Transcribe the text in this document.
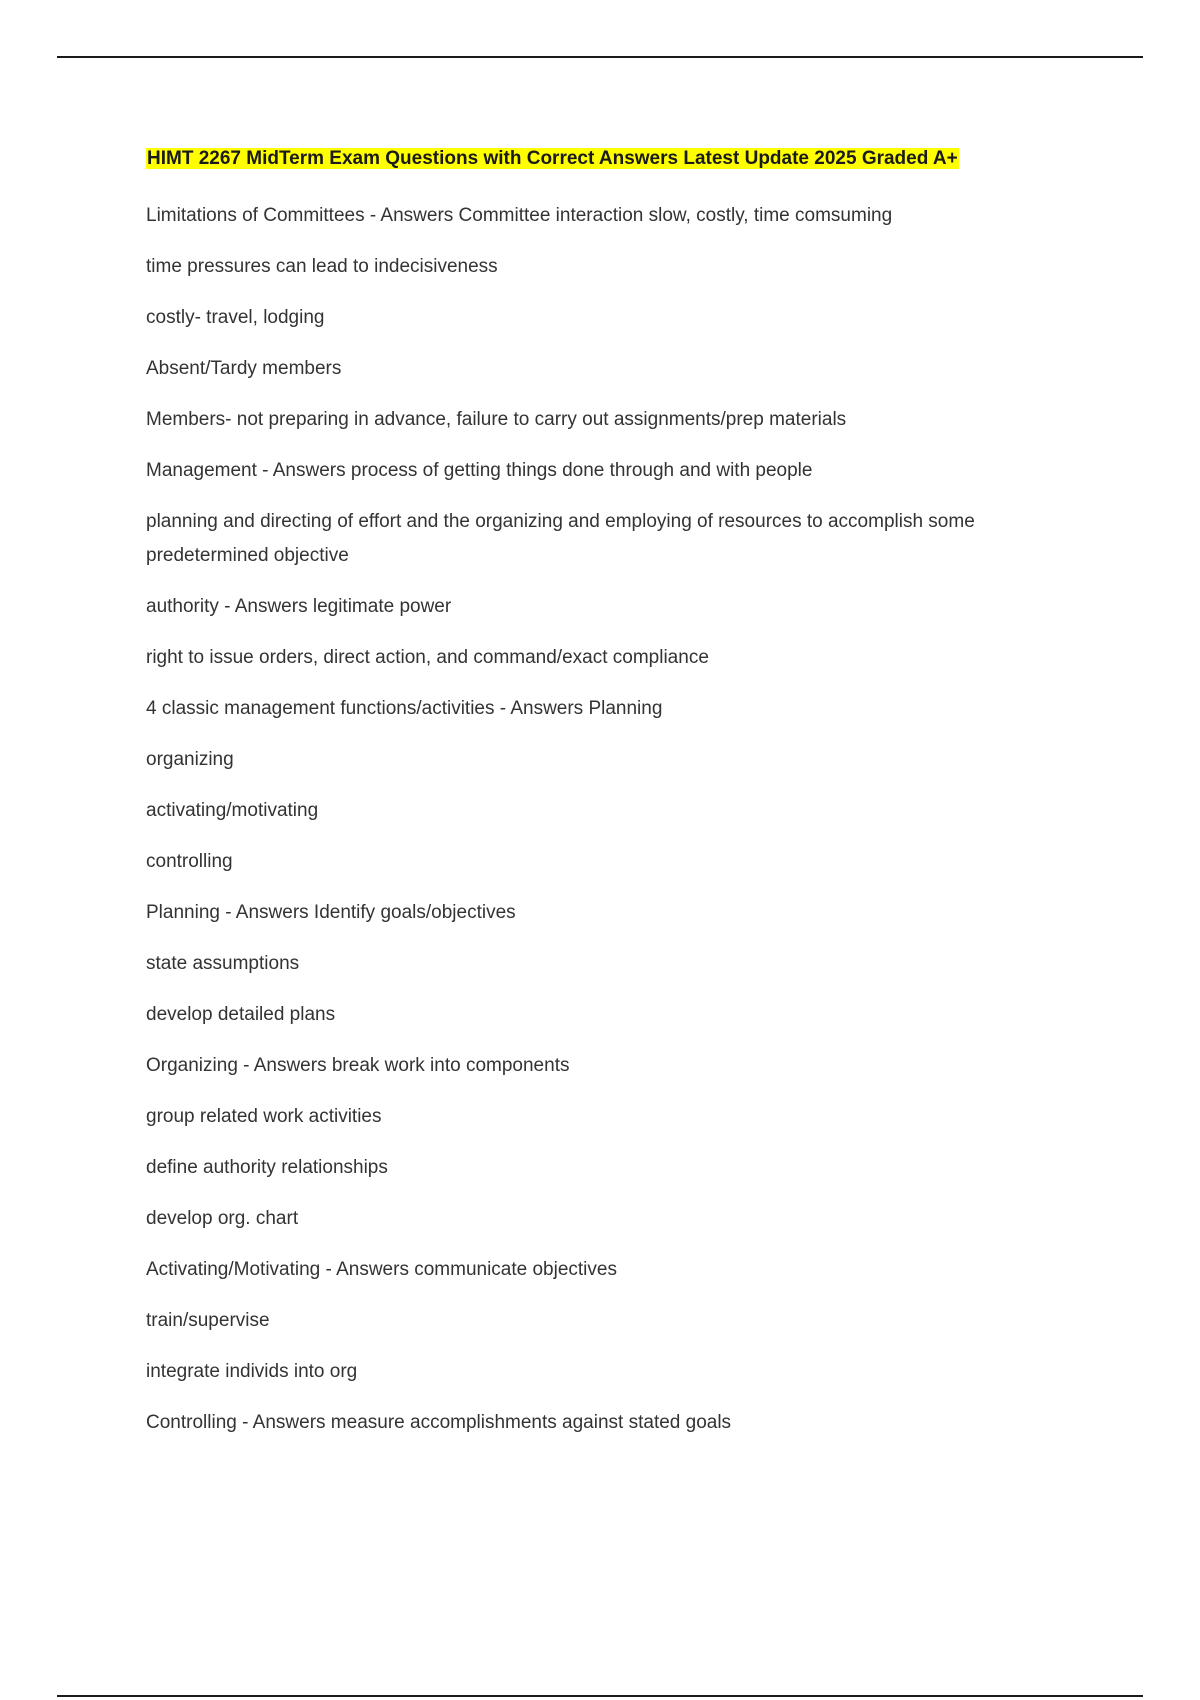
HIMT 2267 MidTerm Exam Questions with Correct Answers Latest Update 2025 Graded A+

Limitations of Committees - Answers Committee interaction slow, costly, time comsuming

time pressures can lead to indecisiveness

costly- travel, lodging

Absent/Tardy members

Members- not preparing in advance, failure to carry out assignments/prep materials

Management - Answers process of getting things done through and with people

planning and directing of effort and the organizing and employing of resources to accomplish some predetermined objective

authority - Answers legitimate power

right to issue orders, direct action, and command/exact compliance

4 classic management functions/activities - Answers Planning

organizing

activating/motivating

controlling

Planning - Answers Identify goals/objectives

state assumptions

develop detailed plans

Organizing - Answers break work into components

group related work activities

define authority relationships

develop org. chart

Activating/Motivating - Answers communicate objectives

train/supervise

integrate individs into org

Controlling - Answers measure accomplishments against stated goals
